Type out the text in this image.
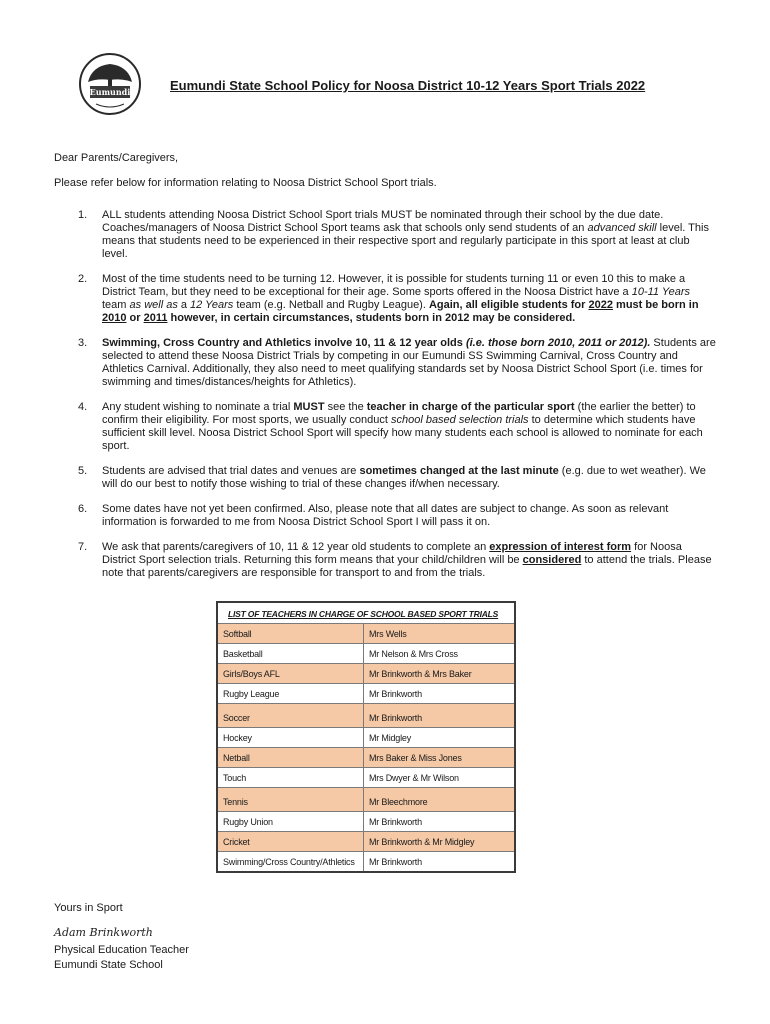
Eumundi	Eumundi State School Policy for Noosa District 10-12 Years Sport Trials 2022
Dear Parents/Caregivers,
Please refer below for information relating to Noosa District School Sport trials.
1. ALL students attending Noosa District School Sport trials MUST be nominated through their school by the due date. Coaches/managers of Noosa District School Sport teams ask that schools only send students of an advanced skill level. This means that students need to be experienced in their respective sport and regularly participate in this sport at least at club level.
2. Most of the time students need to be turning 12. However, it is possible for students turning 11 or even 10 this to make a District Team, but they need to be exceptional for their age. Some sports offered in the Noosa District have a 10-11 Years team as well as a 12 Years team (e.g. Netball and Rugby League). Again, all eligible students for 2022 must be born in 2010 or 2011 however, in certain circumstances, students born in 2012 may be considered.
3. Swimming, Cross Country and Athletics involve 10, 11 & 12 year olds (i.e. those born 2010, 2011 or 2012). Students are selected to attend these Noosa District Trials by competing in our Eumundi SS Swimming Carnival, Cross Country and Athletics Carnival. Additionally, they also need to meet qualifying standards set by Noosa District School Sport (i.e. times for swimming and times/distances/heights for Athletics).
4. Any student wishing to nominate a trial MUST see the teacher in charge of the particular sport (the earlier the better) to confirm their eligibility. For most sports, we usually conduct school based selection trials to determine which students have sufficient skill level. Noosa District School Sport will specify how many students each school is allowed to nominate for each sport.
5. Students are advised that trial dates and venues are sometimes changed at the last minute (e.g. due to wet weather). We will do our best to notify those wishing to trial of these changes if/when necessary.
6. Some dates have not yet been confirmed. Also, please note that all dates are subject to change. As soon as relevant information is forwarded to me from Noosa District School Sport I will pass it on.
7. We ask that parents/caregivers of 10, 11 & 12 year old students to complete an expression of interest form for Noosa District Sport selection trials. Returning this form means that your child/children will be considered to attend the trials. Please note that parents/caregivers are responsible for transport to and from the trials.
LIST OF TEACHERS IN CHARGE OF SCHOOL BASED SPORT TRIALS	
Softball	Mrs Wells
Basketball	Mr Nelson & Mrs Cross
Girls/Boys AFL	Mr Brinkworth & Mrs Baker
Rugby League	Mr Brinkworth
Soccer	Mr Brinkworth
Hockey	Mr Midgley
Netball	Mrs Baker & Miss Jones
Touch	Mrs Dwyer & Mr Wilson
Tennis	Mr Bleechmore
Rugby Union	Mr Brinkworth
Cricket	Mr Brinkworth & Mr Midgley
Swimming/Cross Country/Athletics	Mr Brinkworth
Yours in Sport
Adam Brinkworth
Physical Education Teacher
Eumundi State School
